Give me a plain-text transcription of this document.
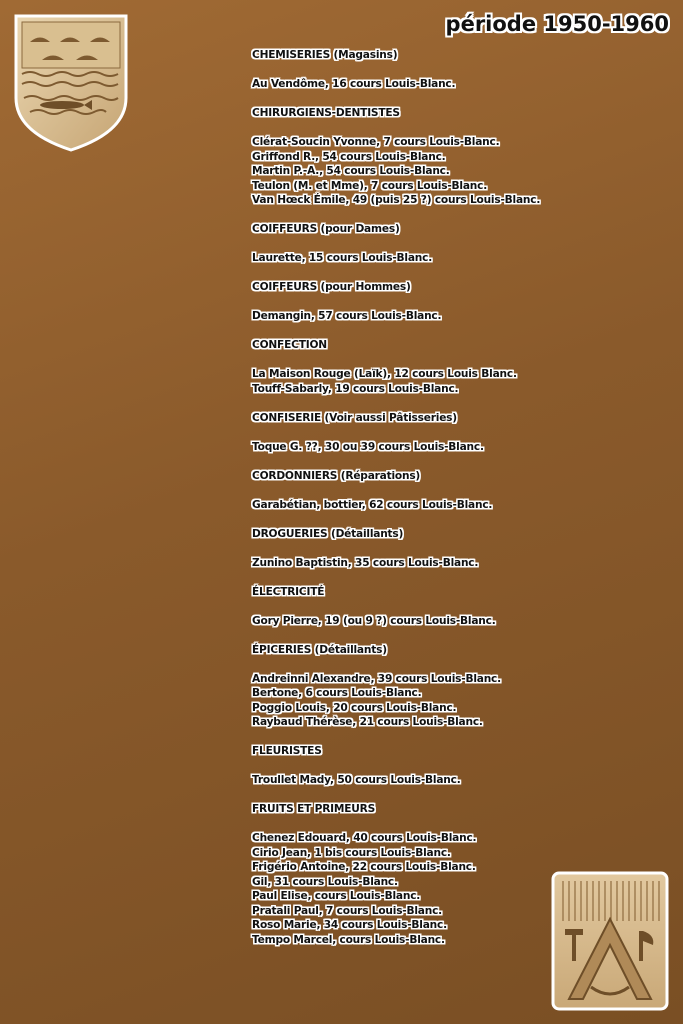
période 1950-1960
CHEMISERIES (Magasins)
Au Vendôme, 16 cours Louis-Blanc.
CHIRURGIENS-DENTISTES
Clérat-Soucin Yvonne, 7 cours Louis-Blanc.
Griffond R., 54 cours Louis-Blanc.
Martin P.-A., 54 cours Louis-Blanc.
Teulon (M. et Mme), 7 cours Louis-Blanc.
Van Hœck Émile, 49 (puis 25 ?) cours Louis-Blanc.
COIFFEURS (pour Dames)
Laurette, 15 cours Louis-Blanc.
COIFFEURS (pour Hommes)
Demangin, 57 cours Louis-Blanc.
CONFECTION
La Maison Rouge (Laïk), 12 cours Louis Blanc.
Touff-Sabarly, 19 cours Louis-Blanc.
CONFISERIE (Voir aussi Pâtisseries)
Toque G. ??, 30 ou 39 cours Louis-Blanc.
CORDONNIERS (Réparations)
Garabétian, bottier, 62 cours Louis-Blanc.
DROGUERIES (Détaillants)
Zunino Baptistin, 35 cours Louis-Blanc.
ÉLECTRICITÉ
Gory Pierre, 19 (ou 9 ?) cours Louis-Blanc.
ÉPICERIES (Détaillants)
Andreinni Alexandre, 39 cours Louis-Blanc.
Bertone, 6 cours Louis-Blanc.
Poggio Louis, 20 cours Louis-Blanc.
Raybaud Thérèse, 21 cours Louis-Blanc.
FLEURISTES
Troullet Mady, 50 cours Louis-Blanc.
FRUITS ET PRIMEURS
Chenez Edouard, 40 cours Louis-Blanc.
Cirio Jean, 1 bis cours Louis-Blanc.
Frigério Antoine, 22 cours Louis-Blanc.
Gil, 31 cours Louis-Blanc.
Paul Elise, cours Louis-Blanc.
Pratali Paul, 7 cours Louis-Blanc.
Roso Marie, 34 cours Louis-Blanc.
Tempo Marcel, cours Louis-Blanc.
